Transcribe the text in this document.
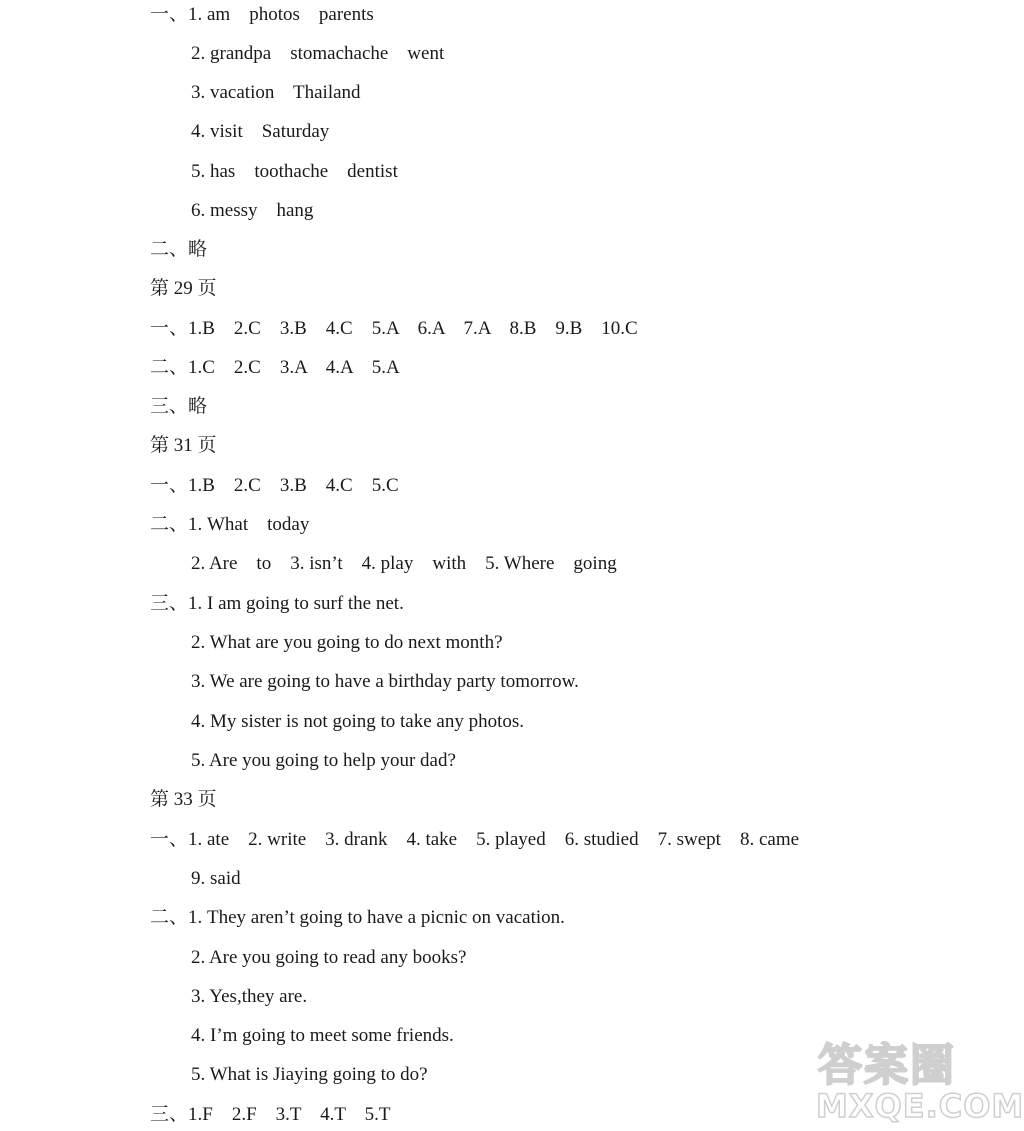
一、1. am    photos    parents
2. grandpa    stomachache    went
3. vacation    Thailand
4. visit    Saturday
5. has    toothache    dentist
6. messy    hang
二、略
第 29 页
一、1.B    2.C    3.B    4.C    5.A    6.A    7.A    8.B    9.B    10.C
二、1.C    2.C    3.A    4.A    5.A
三、略
第 31 页
一、1.B    2.C    3.B    4.C    5.C
二、1. What    today
2. Are    to    3. isn’t    4. play    with    5. Where    going
三、1. I am going to surf the net.
2. What are you going to do next month?
3. We are going to have a birthday party tomorrow.
4. My sister is not going to take any photos.
5. Are you going to help your dad?
第 33 页
一、1. ate    2. write    3. drank    4. take    5. played    6. studied    7. swept    8. came
9. said
二、1. They aren’t going to have a picnic on vacation.
2. Are you going to read any books?
3. Yes,they are.
4. I’m going to meet some friends.
5. What is Jiaying going to do?
三、1.F    2.F    3.T    4.T    5.T
答案圈
MXQE.COM
